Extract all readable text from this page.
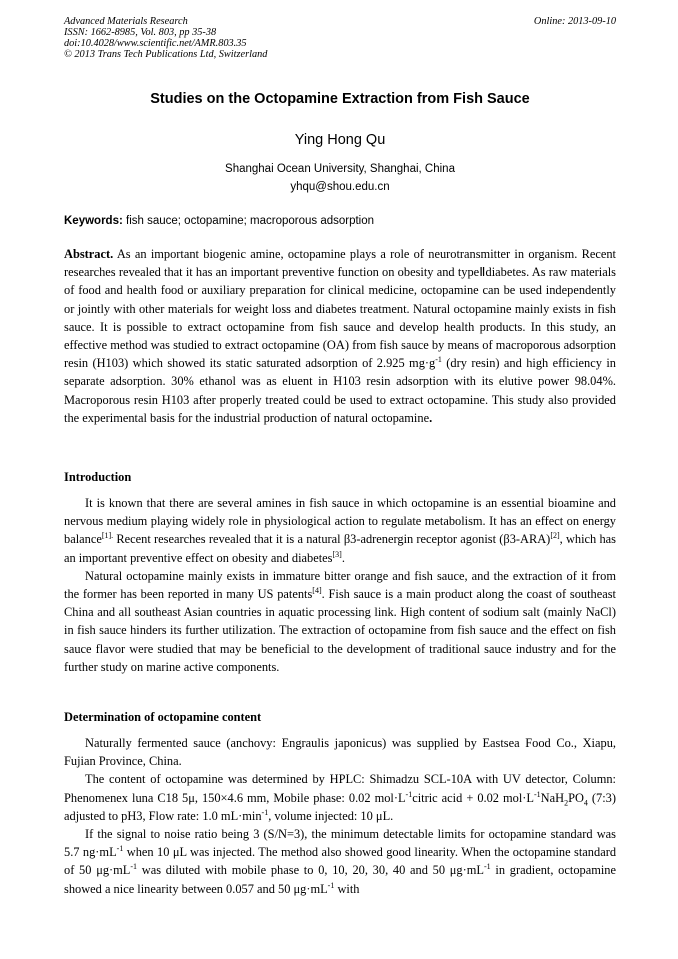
Advanced Materials Research
ISSN: 1662-8985, Vol. 803, pp 35-38
doi:10.4028/www.scientific.net/AMR.803.35
© 2013 Trans Tech Publications Ltd, Switzerland
Online: 2013-09-10
Studies on the Octopamine Extraction from Fish Sauce
Ying Hong Qu
Shanghai Ocean University, Shanghai, China
yhqu@shou.edu.cn
Keywords: fish sauce; octopamine; macroporous adsorption

Abstract. As an important biogenic amine, octopamine plays a role of neurotransmitter in organism. Recent researches revealed that it has an important preventive function on obesity and typeⅡdiabetes. As raw materials of food and health food or auxiliary preparation for clinical medicine, octopamine can be used independently or jointly with other materials for weight loss and diabetes treatment. Natural octopamine mainly exists in fish sauce. It is possible to extract octopamine from fish sauce and develop health products. In this study, an effective method was studied to extract octopamine (OA) from fish sauce by means of macroporous adsorption resin (H103) which showed its static saturated adsorption of 2.925 $mg\cdot g^{-1}$ (dry resin) and high efficiency in separate adsorption. 30% ethanol was as eluent in H103 resin adsorption with its elutive power 98.04%. Macroporous resin H103 after properly treated could be used to extract octopamine. This study also provided the experimental basis for the industrial production of natural octopamine.

Introduction

It is known that there are several amines in fish sauce in which octopamine is an essential bioamine and nervous medium playing widely role in physiological action to regulate metabolism. It has an effect on energy balance$^{[1].}$ Recent researches revealed that it is a natural β3-adrenergin receptor agonist (β3-ARA)[2], which has an important preventive effect on obesity and diabetes[3].

Natural octopamine mainly exists in immature bitter orange and fish sauce, and the extraction of it from the former has been reported in many US patents[4]. Fish sauce is a main product along the coast of southeast China and all southeast Asian countries in aquatic processing link. High content of sodium salt (mainly NaCl) in fish sauce hinders its further utilization. The extraction of octopamine from fish sauce and the effect on fish sauce flavor were studied that may be beneficial to the development of traditional sauce industry and for the further study on marine active components.

Determination of octopamine content

Naturally fermented sauce (anchovy: Engraulis japonicus) was supplied by Eastsea Food Co., Xiapu, Fujian Province, China.

The content of octopamine was determined by HPLC: Shimadzu SCL-10A with UV detector, Column: Phenomenex luna C18 5μ, 150×4.6 mm, Mobile phase: 0.02 $mol\cdot L^{-1}citric$ acid + 0.02 $mol\cdot L^{-1}NaH_2PO_4$ (7:3) adjusted to pH3, Flow rate: 1.0 $mL\cdot\min^{-1}$, volume injected: 10 μL.

If the signal to noise ratio being 3 (S/N=3), the minimum detectable limits for octopamine standard was 5.7 $ng\cdot mL^{-1}$ when 10 μL was injected. The method also showed good linearity. When the octopamine standard of 50 $\mu g\cdot mL^{-1}$ was diluted with mobile phase to 0, 10, 20, 30, 40 and 50 $\mu g\cdot mL^{-1}$ in gradient, octopamine showed a nice linearity between 0.057 and 50 $\mu g\cdot mL^{-1}$ with
